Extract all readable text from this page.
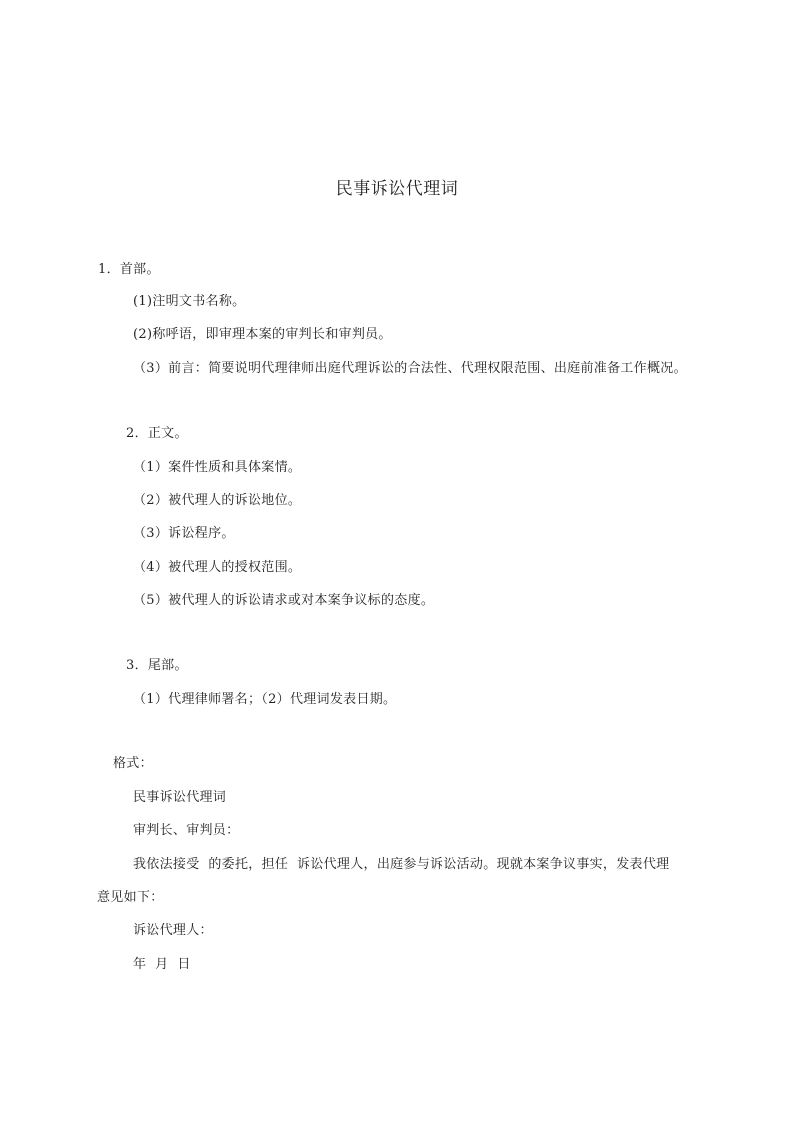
民事诉讼代理词
1．首部。
(1)注明文书名称。
(2)称呼语，即审理本案的审判长和审判员。
（3）前言：简要说明代理律师出庭代理诉讼的合法性、代理权限范围、出庭前准备工作概况。
2．正文。
（1）案件性质和具体案情。
（2）被代理人的诉讼地位。
（3）诉讼程序。
（4）被代理人的授权范围。
（5）被代理人的诉讼请求或对本案争议标的态度。
3．尾部。
（1）代理律师署名；（2）代理词发表日期。
格式：
民事诉讼代理词
审判长、审判员：
我依法接受  的委托，担任  诉讼代理人，出庭参与诉讼活动。现就本案争议事实，发表代理
意见如下：
诉讼代理人：
年  月  日
